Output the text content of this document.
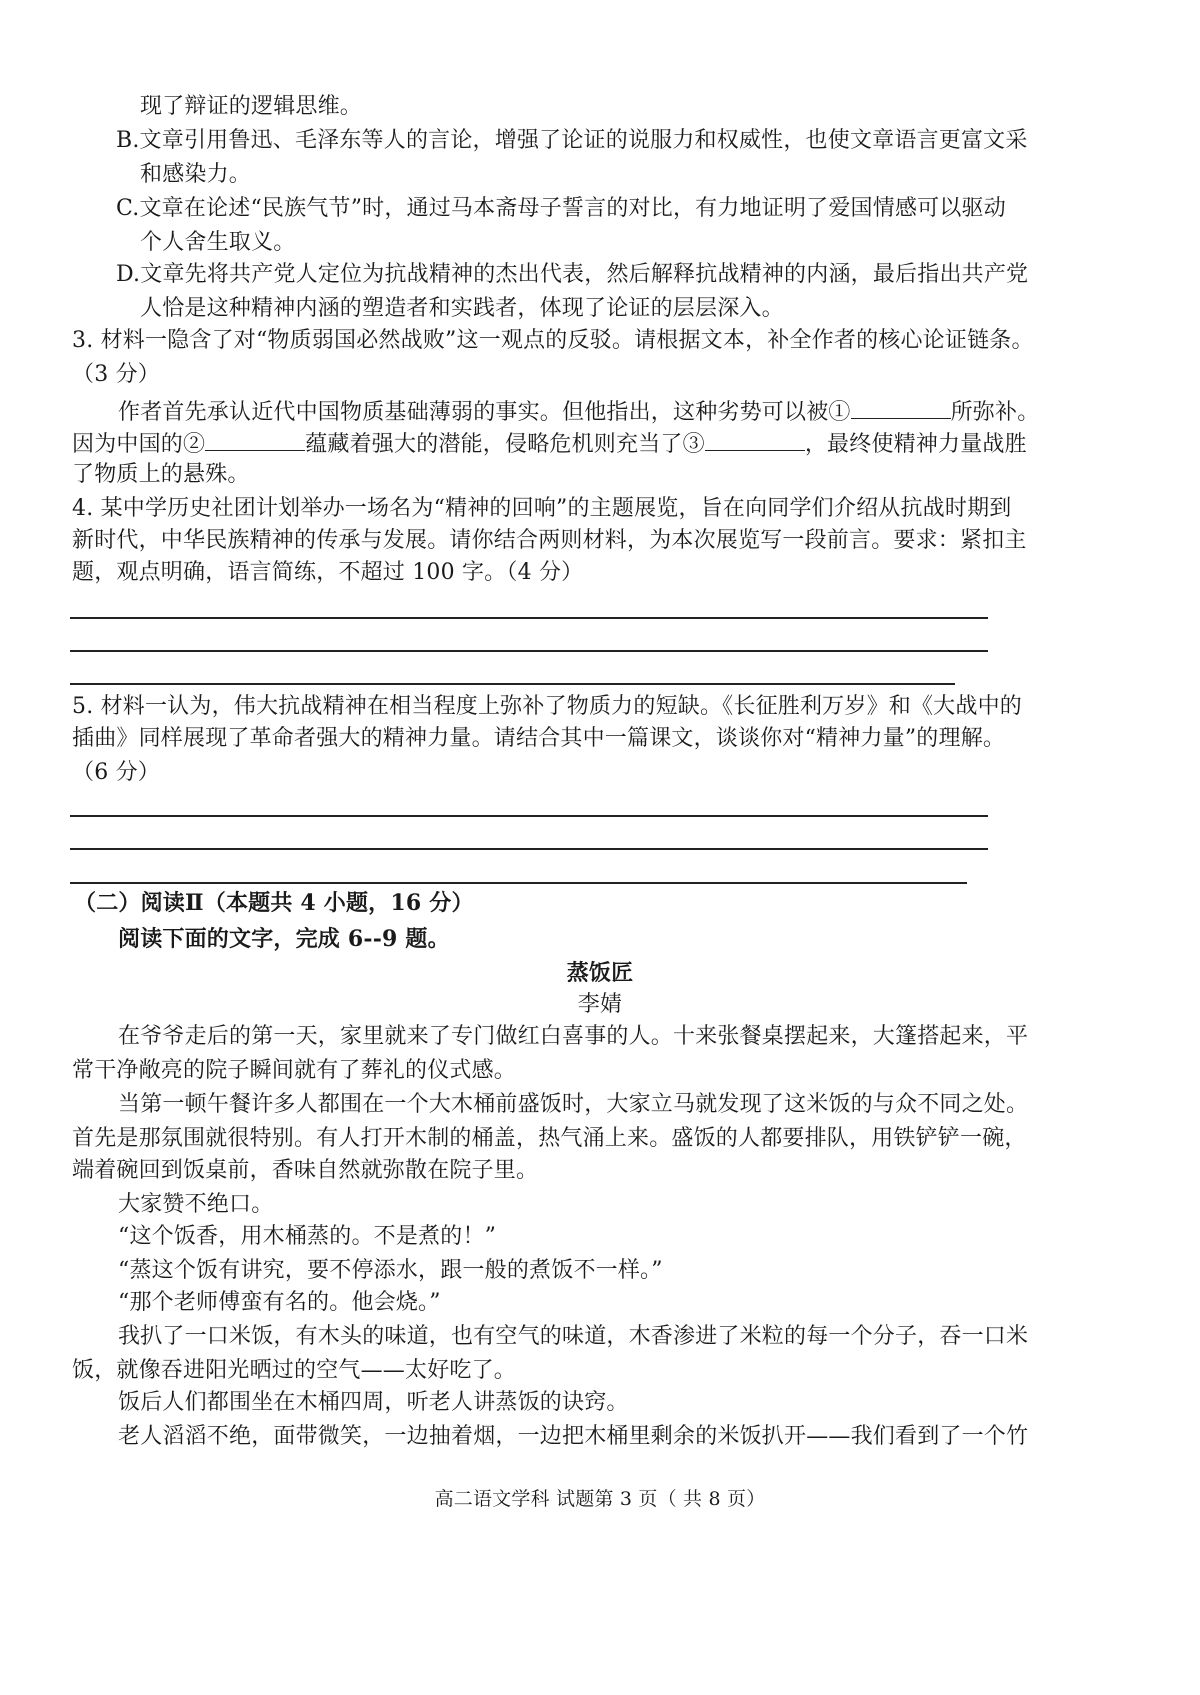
现了辩证的逻辑思维。
B.文章引用鲁迅、毛泽东等人的言论，增强了论证的说服力和权威性，也使文章语言更富文采
和感染力。
C.文章在论述“民族气节”时，通过马本斋母子誓言的对比，有力地证明了爱国情感可以驱动
个人舍生取义。
D.文章先将共产党人定位为抗战精神的杰出代表，然后解释抗战精神的内涵，最后指出共产党
人恰是这种精神内涵的塑造者和实践者，体现了论证的层层深入。
3. 材料一隐含了对“物质弱国必然战败”这一观点的反驳。请根据文本，补全作者的核心论证链条。
（3 分）
作者首先承认近代中国物质基础薄弱的事实。但他指出，这种劣势可以被①	所弥补。
因为中国的②	蕴藏着强大的潜能，侵略危机则充当了③	，最终使精神力量战胜
了物质上的悬殊。
4. 某中学历史社团计划举办一场名为“精神的回响”的主题展览，旨在向同学们介绍从抗战时期到
新时代，中华民族精神的传承与发展。请你结合两则材料，为本次展览写一段前言。要求：紧扣主
题，观点明确，语言简练，不超过 100 字。（4 分）
5. 材料一认为，伟大抗战精神在相当程度上弥补了物质力的短缺。《长征胜利万岁》和《大战中的
插曲》同样展现了革命者强大的精神力量。请结合其中一篇课文，谈谈你对“精神力量”的理解。
（6 分）
（二）阅读Ⅱ（本题共 4 小题，16 分）
阅读下面的文字，完成 6--9 题。
蒸饭匠
李婧
在爷爷走后的第一天，家里就来了专门做红白喜事的人。十来张餐桌摆起来，大篷搭起来，平
常干净敞亮的院子瞬间就有了葬礼的仪式感。
当第一顿午餐许多人都围在一个大木桶前盛饭时，大家立马就发现了这米饭的与众不同之处。
首先是那氛围就很特别。有人打开木制的桶盖，热气涌上来。盛饭的人都要排队，用铁铲铲一碗，
端着碗回到饭桌前，香味自然就弥散在院子里。
大家赞不绝口。
“这个饭香，用木桶蒸的。不是煮的！”
“蒸这个饭有讲究，要不停添水，跟一般的煮饭不一样。”
“那个老师傅蛮有名的。他会烧。”
我扒了一口米饭，有木头的味道，也有空气的味道，木香渗进了米粒的每一个分子，吞一口米
饭，就像吞进阳光晒过的空气——太好吃了。
饭后人们都围坐在木桶四周，听老人讲蒸饭的诀窍。
老人滔滔不绝，面带微笑，一边抽着烟，一边把木桶里剩余的米饭扒开——我们看到了一个竹
高二语文学科 试题第 3 页（ 共 8 页）
